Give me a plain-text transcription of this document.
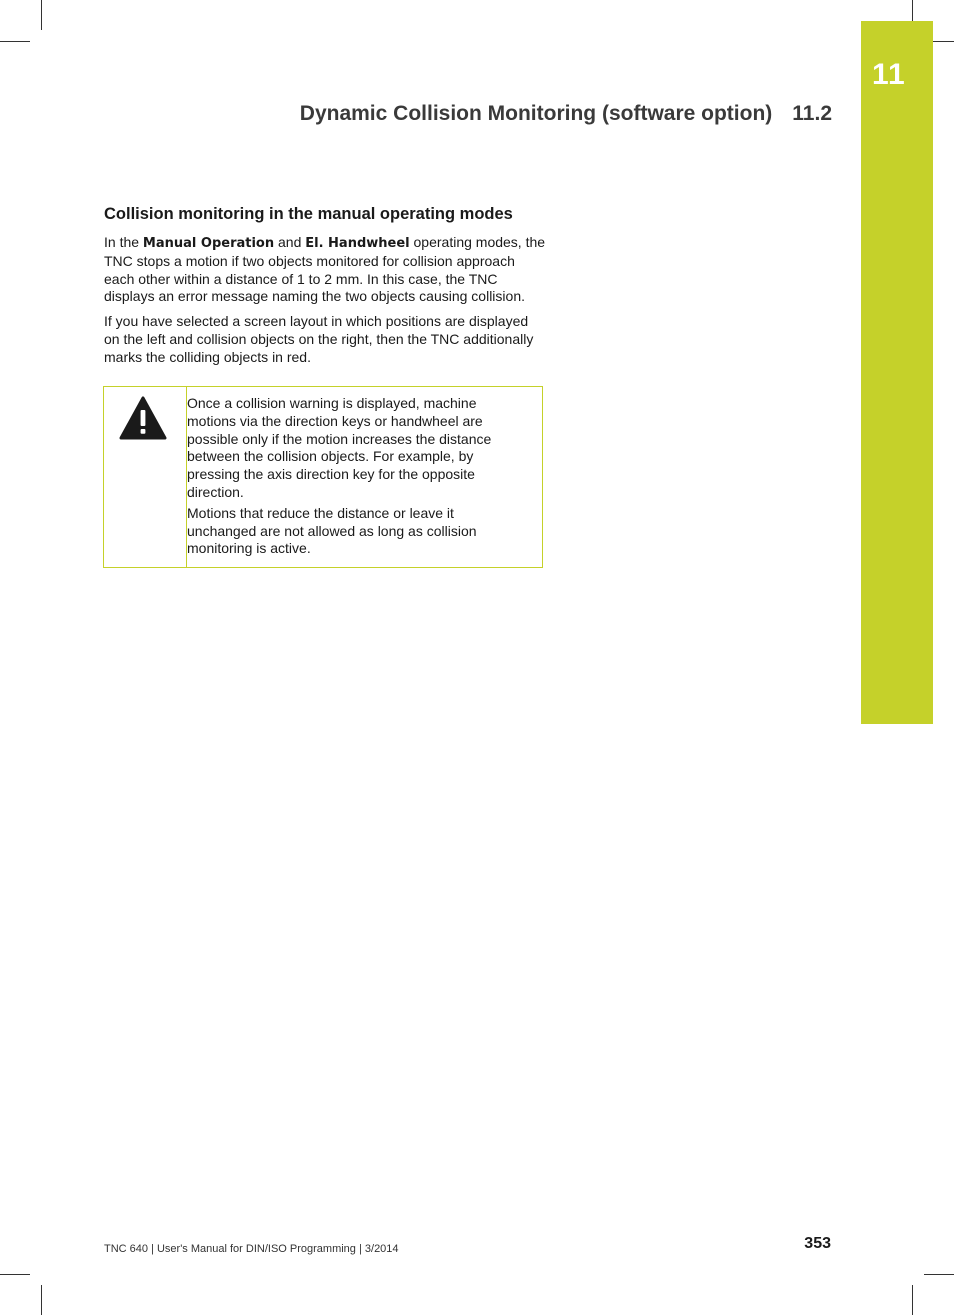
11
Dynamic Collision Monitoring (software option) 11.2
Collision monitoring in the manual operating modes

In the Manual Operation and El. Handwheel operating modes, the TNC stops a motion if two objects monitored for collision approach each other within a distance of 1 to 2 mm. In this case, the TNC displays an error message naming the two objects causing collision.

If you have selected a screen layout in which positions are displayed on the left and collision objects on the right, then the TNC additionally marks the colliding objects in red.

Once a collision warning is displayed, machine motions via the direction keys or handwheel are possible only if the motion increases the distance between the collision objects. For example, by pressing the axis direction key for the opposite direction.

Motions that reduce the distance or leave it unchanged are not allowed as long as collision monitoring is active.

TNC 640 | User's Manual for DIN/ISO Programming | 3/2014	353
